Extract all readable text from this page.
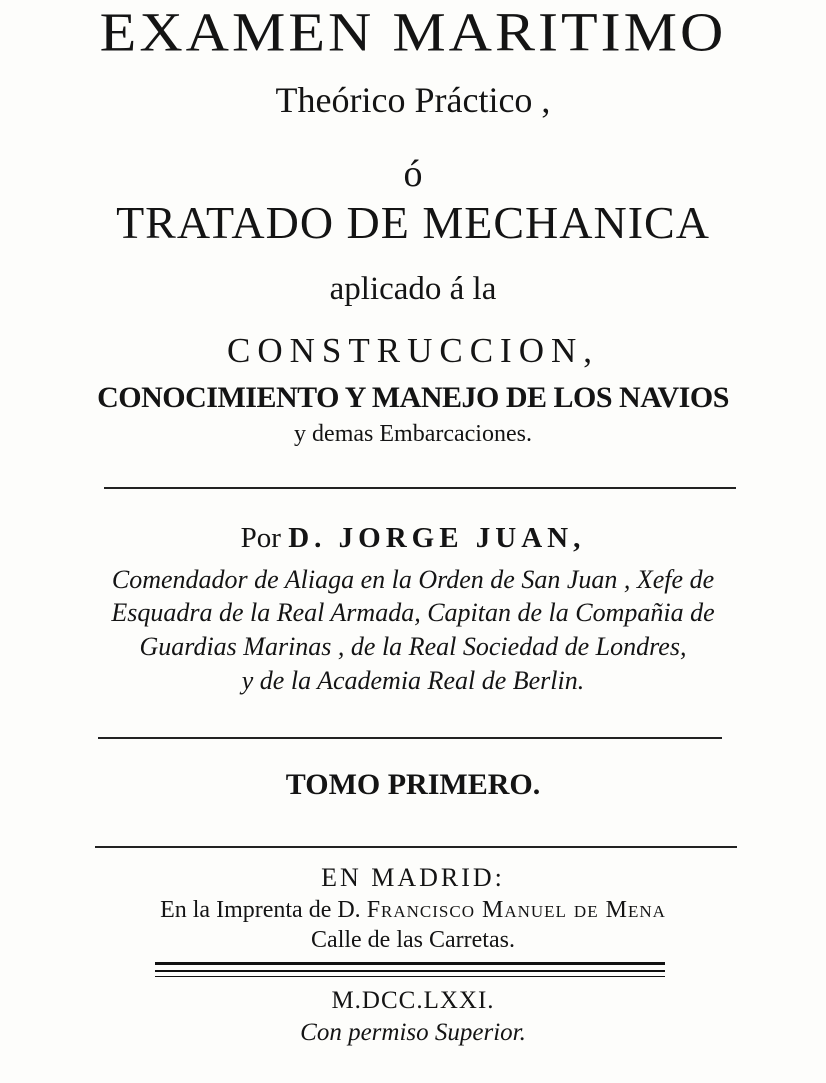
EXAMEN MARITIMO
Theórico Práctico ,
ó
TRATADO DE MECHANICA
aplicado á la
CONSTRUCCION,
CONOCIMIENTO Y MANEJO DE LOS NAVIOS
y demas Embarcaciones.
Por D. JORGE JUAN,
Comendador de Aliaga en la Orden de San Juan , Xefe de
Esquadra de la Real Armada, Capitan de la Compañia de
Guardias Marinas , de la Real Sociedad de Londres,
y de la Academia Real de Berlin.
TOMO PRIMERO.
EN MADRID:
En la Imprenta de D. Francisco Manuel de Mena
Calle de las Carretas.
M.DCC.LXXI.
Con permiso Superior.
